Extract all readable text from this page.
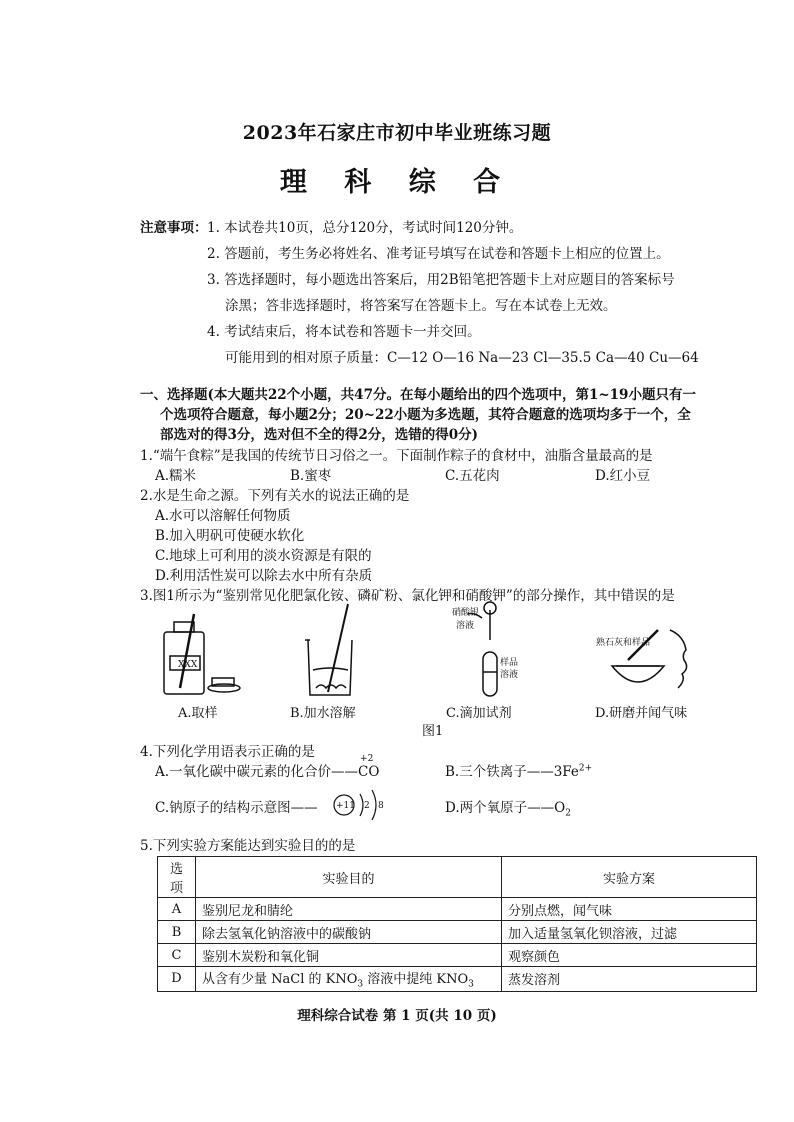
2023年石家庄市初中毕业班练习题
理 科 综 合
注意事项： 1. 本试卷共10页，总分120分，考试时间120分钟。
2. 答题前，考生务必将姓名、准考证号填写在试卷和答题卡上相应的位置上。
3. 答选择题时，每小题选出答案后，用2B铅笔把答题卡上对应题目的答案标号
涂黑；答非选择题时，将答案写在答题卡上。写在本试卷上无效。
4. 考试结束后，将本试卷和答题卡一并交回。
可能用到的相对原子质量：C—12 O—16 Na—23 Cl—35.5 Ca—40 Cu—64
一、选择题(本大题共22个小题，共47分。在每小题给出的四个选项中，第1~19小题只有一
个选项符合题意，每小题2分；20~22小题为多选题，其符合题意的选项均多于一个，全
部选对的得3分，选对但不全的得2分，选错的得0分)
1.“端午食粽”是我国的传统节日习俗之一。下面制作粽子的食材中，油脂含量最高的是
A.糯米	B.蜜枣	C.五花肉	D.红小豆
2.水是生命之源。下列有关水的说法正确的是
A.水可以溶解任何物质
B.加入明矾可使硬水软化
C.地球上可利用的淡水资源是有限的
D.利用活性炭可以除去水中所有杂质
3.图1所示为“鉴别常见化肥氯化铵、磷矿粉、氯化钾和硝酸钾”的部分操作，其中错误的是
硝酸银
溶液
样品
溶液
熟石灰和样品
XXX
A.取样	B.加水溶解	C.滴加试剂	D.研磨并闻气味
图1
4.下列化学用语表示正确的是
A.一氧化碳中碳元素的化合价——
+2
CO	B.三个铁离子$——3Fe^{2+}$
C.钠原子的结构示意图—— +11 2 8	D.两个氧原子$——O_2$
5.下列实验方案能达到实验目的的是
选项	实验目的	实验方案
A	鉴别尼龙和腈纶	分别点燃，闻气味
B	除去氢氧化钠溶液中的碳酸钠	加入适量氢氧化钡溶液，过滤
C	鉴别木炭粉和氧化铜	观察颜色
D	从含有少量 NaCl 的 $KNO_3$ 溶液中提纯 $KNO_3$	蒸发溶剂
理科综合试卷 第 1 页(共 10 页)
